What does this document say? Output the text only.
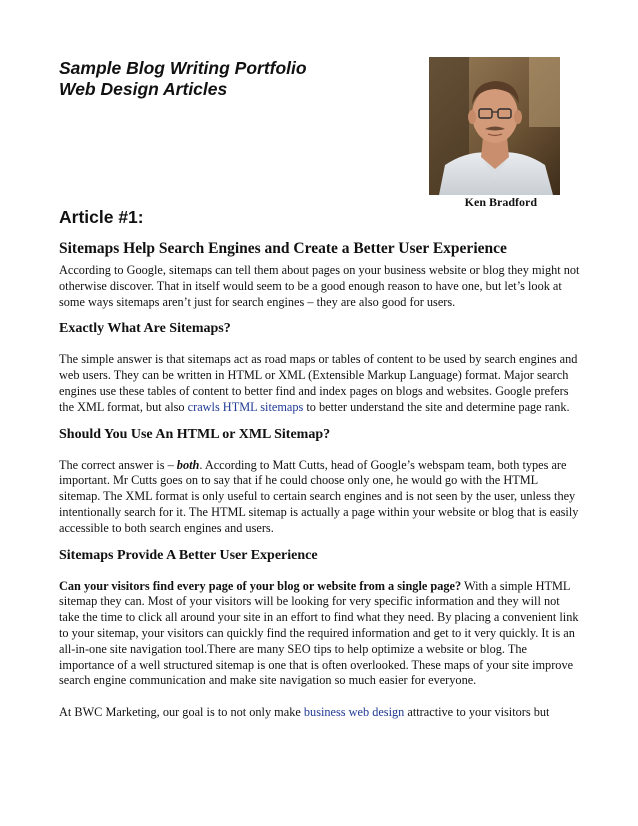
Sample Blog Writing Portfolio
Web Design Articles
Ken Bradford
Article #1:
Sitemaps Help Search Engines and Create a Better User Experience

According to Google, sitemaps can tell them about pages on your business website or blog they might not otherwise discover. That in itself would seem to be a good enough reason to have one, but let’s look at some ways sitemaps aren’t just for search engines – they are also good for users.

Exactly What Are Sitemaps?

The simple answer is that sitemaps act as road maps or tables of content to be used by search engines and web users. They can be written in HTML or XML (Extensible Markup Language) format. Major search engines use these tables of content to better find and index pages on blogs and websites. Google prefers the XML format, but also crawls HTML sitemaps to better understand the site and determine page rank.

Should You Use An HTML or XML Sitemap?

The correct answer is – both. According to Matt Cutts, head of Google’s webspam team, both types are important. Mr Cutts goes on to say that if he could choose only one, he would go with the HTML sitemap. The XML format is only useful to certain search engines and is not seen by the user, unless they intentionally search for it. The HTML sitemap is actually a page within your website or blog that is easily accessible to both search engines and users.

Sitemaps Provide A Better User Experience

Can your visitors find every page of your blog or website from a single page? With a simple HTML sitemap they can. Most of your visitors will be looking for very specific information and they will not take the time to click all around your site in an effort to find what they need. By placing a convenient link to your sitemap, your visitors can quickly find the required information and get to it very quickly. It is an all-in-one site navigation tool.There are many SEO tips to help optimize a website or blog. The importance of a well structured sitemap is one that is often overlooked. These maps of your site improve search engine communication and make site navigation so much easier for everyone.

At BWC Marketing, our goal is to not only make business web design attractive to your visitors but
